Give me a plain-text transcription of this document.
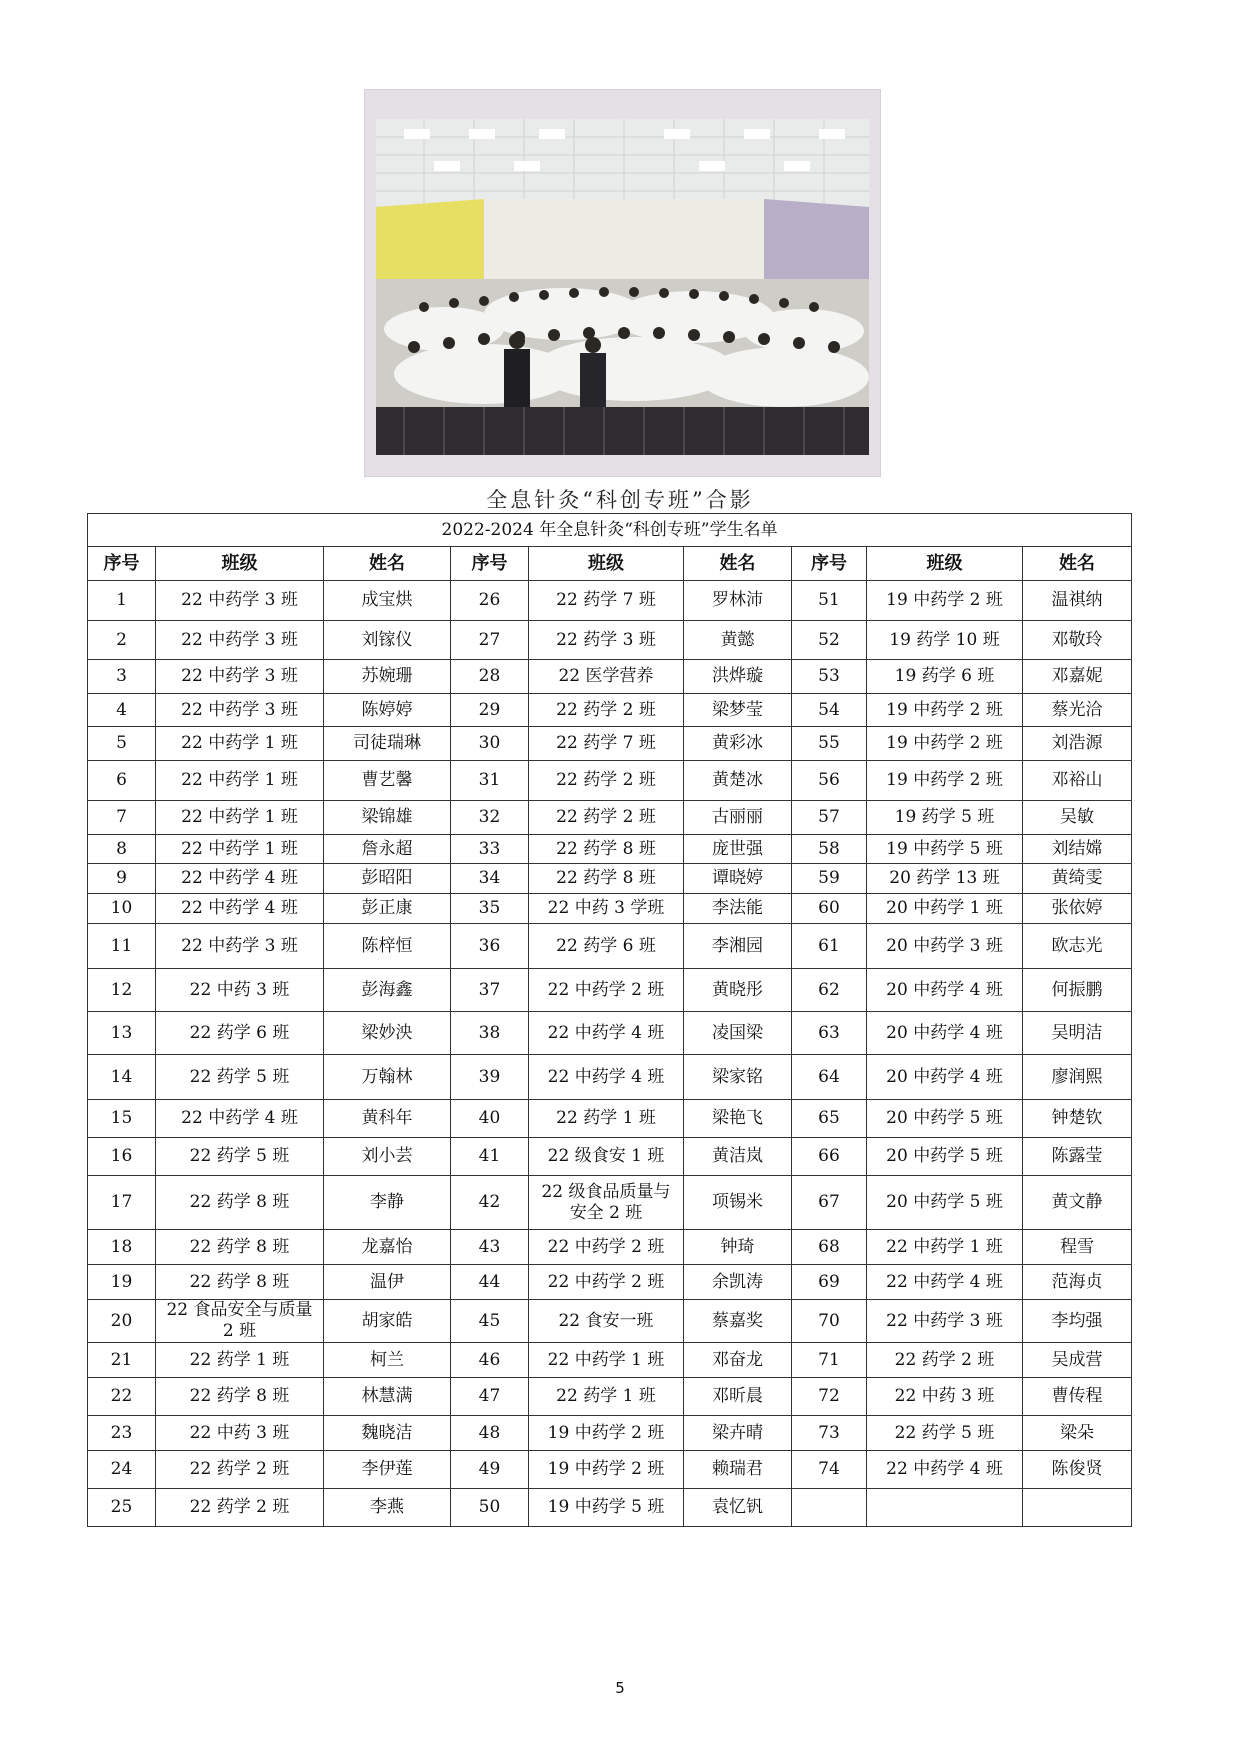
全息针灸“科创专班”合影
2022-2024 年全息针灸“科创专班”学生名单								
序号	班级	姓名	序号	班级	姓名	序号	班级	姓名
1	22 中药学 3 班	成宝烘	26	22 药学 7 班	罗林沛	51	19 中药学 2 班	温祺纳
2	22 中药学 3 班	刘镓仪	27	22 药学 3 班	黄懿	52	19 药学 10 班	邓敬玲
3	22 中药学 3 班	苏婉珊	28	22 医学营养	洪烨璇	53	19 药学 6 班	邓嘉妮
4	22 中药学 3 班	陈婷婷	29	22 药学 2 班	梁梦莹	54	19 中药学 2 班	蔡光洽
5	22 中药学 1 班	司徒瑞琳	30	22 药学 7 班	黄彩冰	55	19 中药学 2 班	刘浩源
6	22 中药学 1 班	曹艺馨	31	22 药学 2 班	黄楚冰	56	19 中药学 2 班	邓裕山
7	22 中药学 1 班	梁锦雄	32	22 药学 2 班	古丽丽	57	19 药学 5 班	吴敏
8	22 中药学 1 班	詹永超	33	22 药学 8 班	庞世强	58	19 中药学 5 班	刘结嫦
9	22 中药学 4 班	彭昭阳	34	22 药学 8 班	谭晓婷	59	20 药学 13 班	黄绮雯
10	22 中药学 4 班	彭正康	35	22 中药 3 学班	李法能	60	20 中药学 1 班	张依婷
11	22 中药学 3 班	陈梓恒	36	22 药学 6 班	李湘园	61	20 中药学 3 班	欧志光
12	22 中药 3 班	彭海鑫	37	22 中药学 2 班	黄晓彤	62	20 中药学 4 班	何振鹏
13	22 药学 6 班	梁妙泱	38	22 中药学 4 班	凌国梁	63	20 中药学 4 班	吴明洁
14	22 药学 5 班	万翰林	39	22 中药学 4 班	梁家铭	64	20 中药学 4 班	廖润熙
15	22 中药学 4 班	黄科年	40	22 药学 1 班	梁艳飞	65	20 中药学 5 班	钟楚钦
16	22 药学 5 班	刘小芸	41	22 级食安 1 班	黄洁岚	66	20 中药学 5 班	陈露莹
17	22 药学 8 班	李静	42	22 级食品质量与安全 2 班	项锡米	67	20 中药学 5 班	黄文静
18	22 药学 8 班	龙嘉怡	43	22 中药学 2 班	钟琦	68	22 中药学 1 班	程雪
19	22 药学 8 班	温伊	44	22 中药学 2 班	余凯涛	69	22 中药学 4 班	范海贞
20	22 食品安全与质量 2 班	胡家皓	45	22 食安一班	蔡嘉奖	70	22 中药学 3 班	李均强
21	22 药学 1 班	柯兰	46	22 中药学 1 班	邓奋龙	71	22 药学 2 班	吴成营
22	22 药学 8 班	林慧满	47	22 药学 1 班	邓昕晨	72	22 中药 3 班	曹传程
23	22 中药 3 班	魏晓洁	48	19 中药学 2 班	梁卉晴	73	22 药学 5 班	梁朵
24	22 药学 2 班	李伊莲	49	19 中药学 2 班	赖瑞君	74	22 中药学 4 班	陈俊贤
25	22 药学 2 班	李燕	50	19 中药学 5 班	袁忆钒			
5
